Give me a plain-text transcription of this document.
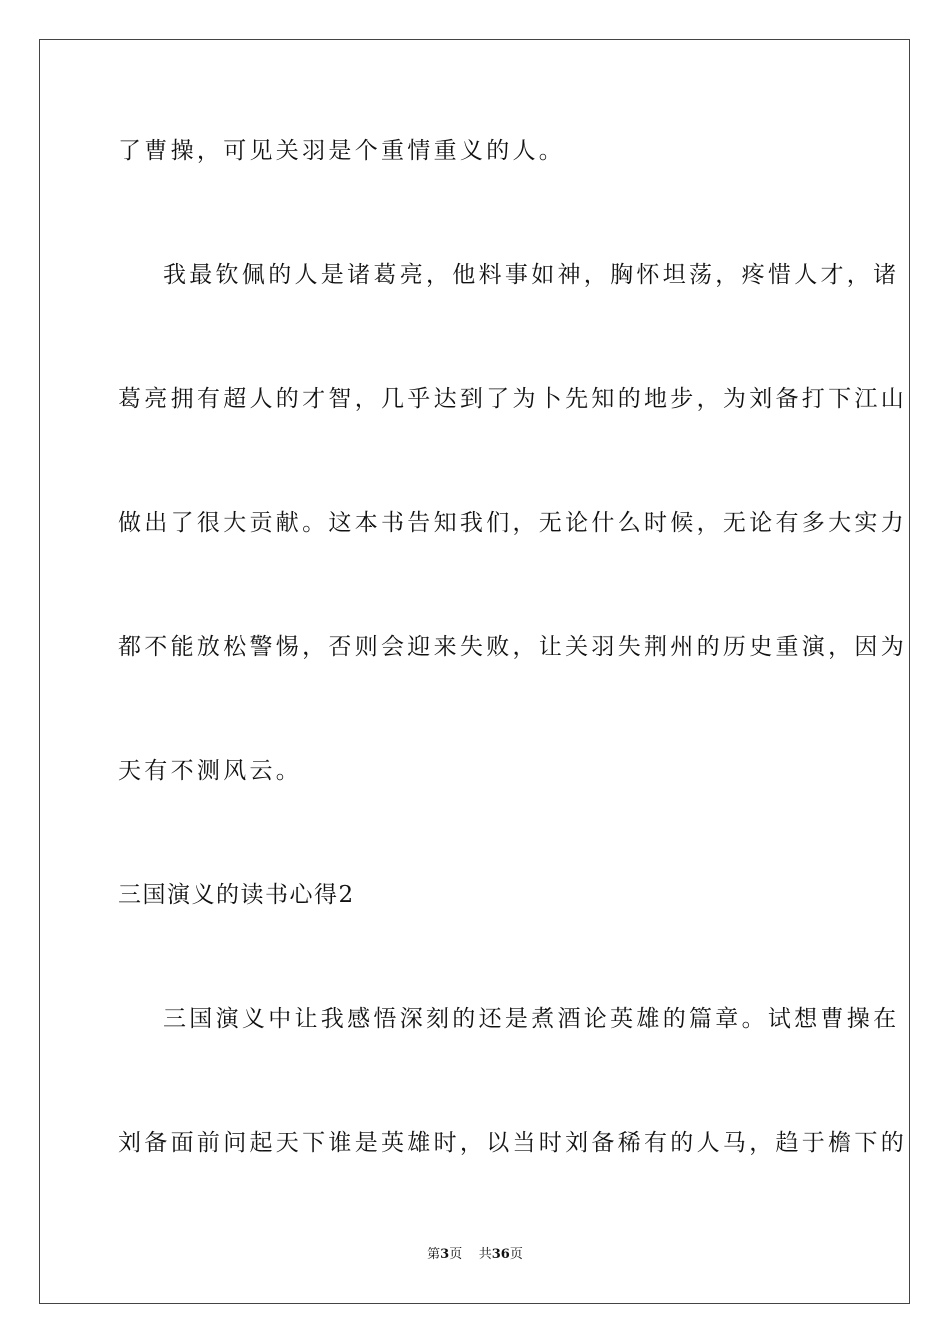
了曹操，可见关羽是个重情重义的人。
我最钦佩的人是诸葛亮，他料事如神，胸怀坦荡，疼惜人才，诸
葛亮拥有超人的才智，几乎达到了为卜先知的地步，为刘备打下江山
做出了很大贡献。这本书告知我们，无论什么时候，无论有多大实力
都不能放松警惕，否则会迎来失败，让关羽失荆州的历史重演，因为
天有不测风云。
三国演义的读书心得2
三国演义中让我感悟深刻的还是煮酒论英雄的篇章。试想曹操在
刘备面前问起天下谁是英雄时，以当时刘备稀有的人马，趋于檐下的
第3页 共36页
